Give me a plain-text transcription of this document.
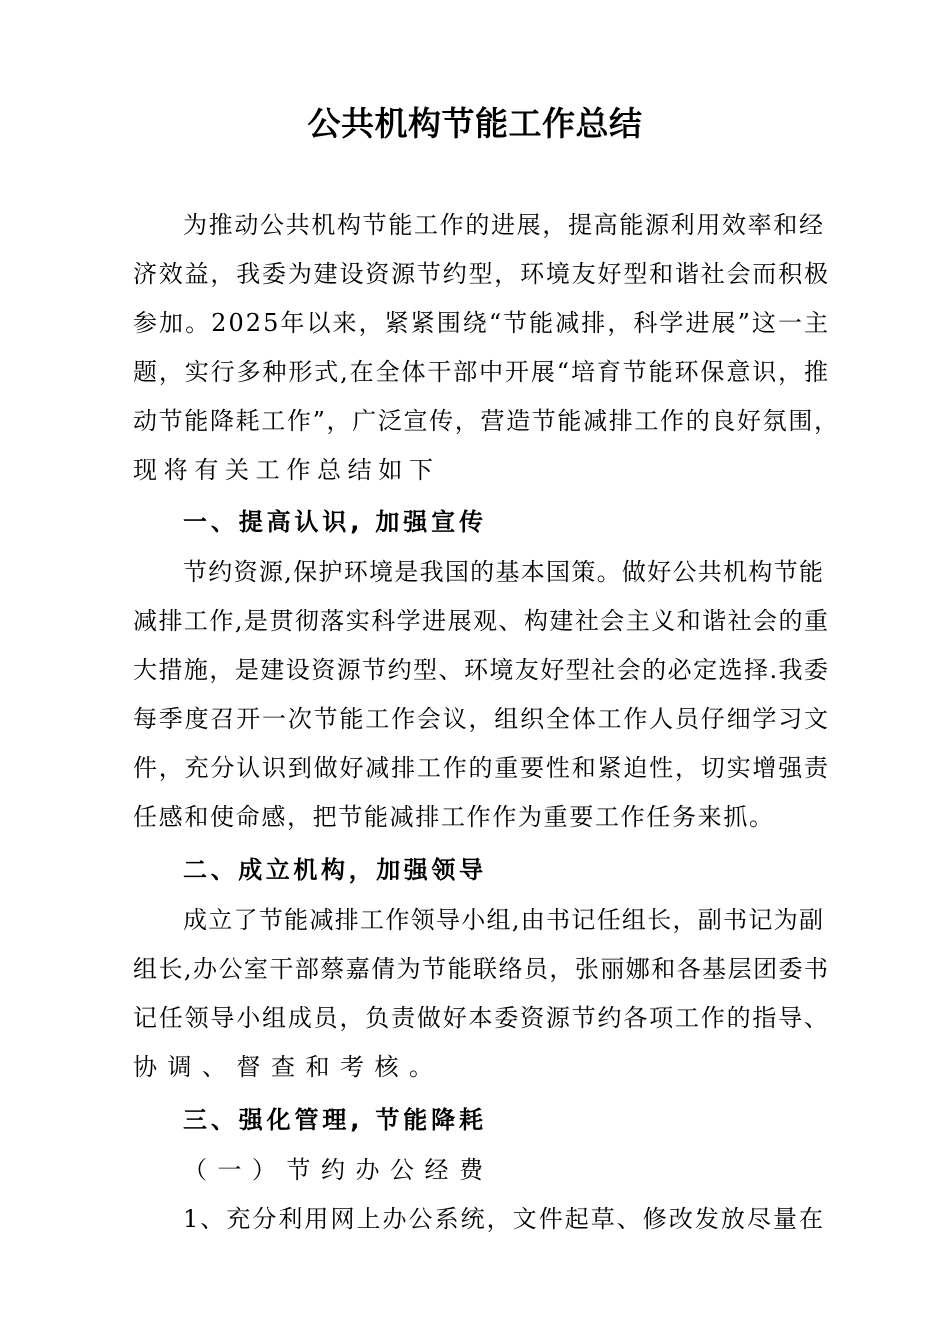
公共机构节能工作总结
为推动公共机构节能工作的进展，提高能源利用效率和经
济效益，我委为建设资源节约型，环境友好型和谐社会而积极
参加。2025年以来，紧紧围绕“节能减排，科学进展”这一主
题，实行多种形式,在全体干部中开展“培育节能环保意识，推
动节能降耗工作”，广泛宣传，营造节能减排工作的良好氛围，
现将有关工作总结如下
一、提高认识, 加强宣传
节约资源,保护环境是我国的基本国策。做好公共机构节能
减排工作,是贯彻落实科学进展观、构建社会主义和谐社会的重
大措施，是建设资源节约型、环境友好型社会的必定选择.我委
每季度召开一次节能工作会议，组织全体工作人员仔细学习文
件，充分认识到做好减排工作的重要性和紧迫性，切实增强责
任感和使命感，把节能减排工作作为重要工作任务来抓。
二、成立机构，加强领导
成立了节能减排工作领导小组,由书记任组长，副书记为副
组长,办公室干部蔡嘉倩为节能联络员，张丽娜和各基层团委书
记任领导小组成员，负责做好本委资源节约各项工作的指导、
协调、督查和考核。
三、强化管理, 节能降耗
（一）节约办公经费
1、充分利用网上办公系统，文件起草、修改发放尽量在
